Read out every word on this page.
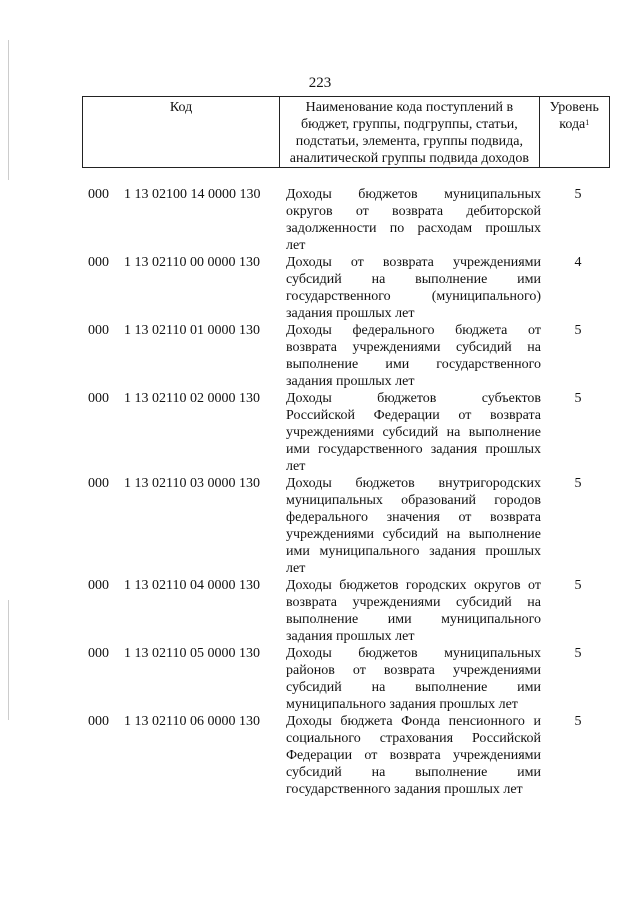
223
Код	Наименование кода поступлений в
бюджет, группы, подгруппы, статьи,
подстатьи, элемента, группы подвида,
аналитической группы подвида доходов

Уровень
кода$^1$
000 1 13 02100 14 0000 130	Доходы бюджетов муниципальных
округов от возврата дебиторской
задолженности по расходам прошлых
лет
5
000 1 13 02110 00 0000 130	Доходы от возврата учреждениями
субсидий на выполнение ими
государственного (муниципального)
задания прошлых лет
4
000 1 13 02110 01 0000 130	Доходы федерального бюджета от
возврата учреждениями субсидий на
выполнение ими государственного
задания прошлых лет
5
000 1 13 02110 02 0000 130	Доходы бюджетов субъектов
Российской Федерации от возврата
учреждениями субсидий на выполнение
ими государственного задания прошлых
лет
5
000 1 13 02110 03 0000 130	Доходы бюджетов внутригородских
муниципальных образований городов
федерального значения от возврата
учреждениями субсидий на выполнение
ими муниципального задания прошлых
лет
5
000 1 13 02110 04 0000 130	Доходы бюджетов городских округов от
возврата учреждениями субсидий на
выполнение ими муниципального
задания прошлых лет
5
000 1 13 02110 05 0000 130	Доходы бюджетов муниципальных
районов от возврата учреждениями
субсидий на выполнение ими
муниципального задания прошлых лет
5
000 1 13 02110 06 0000 130	Доходы бюджета Фонда пенсионного и
социального страхования Российской
Федерации от возврата учреждениями
субсидий на выполнение ими
государственного задания прошлых лет
5
